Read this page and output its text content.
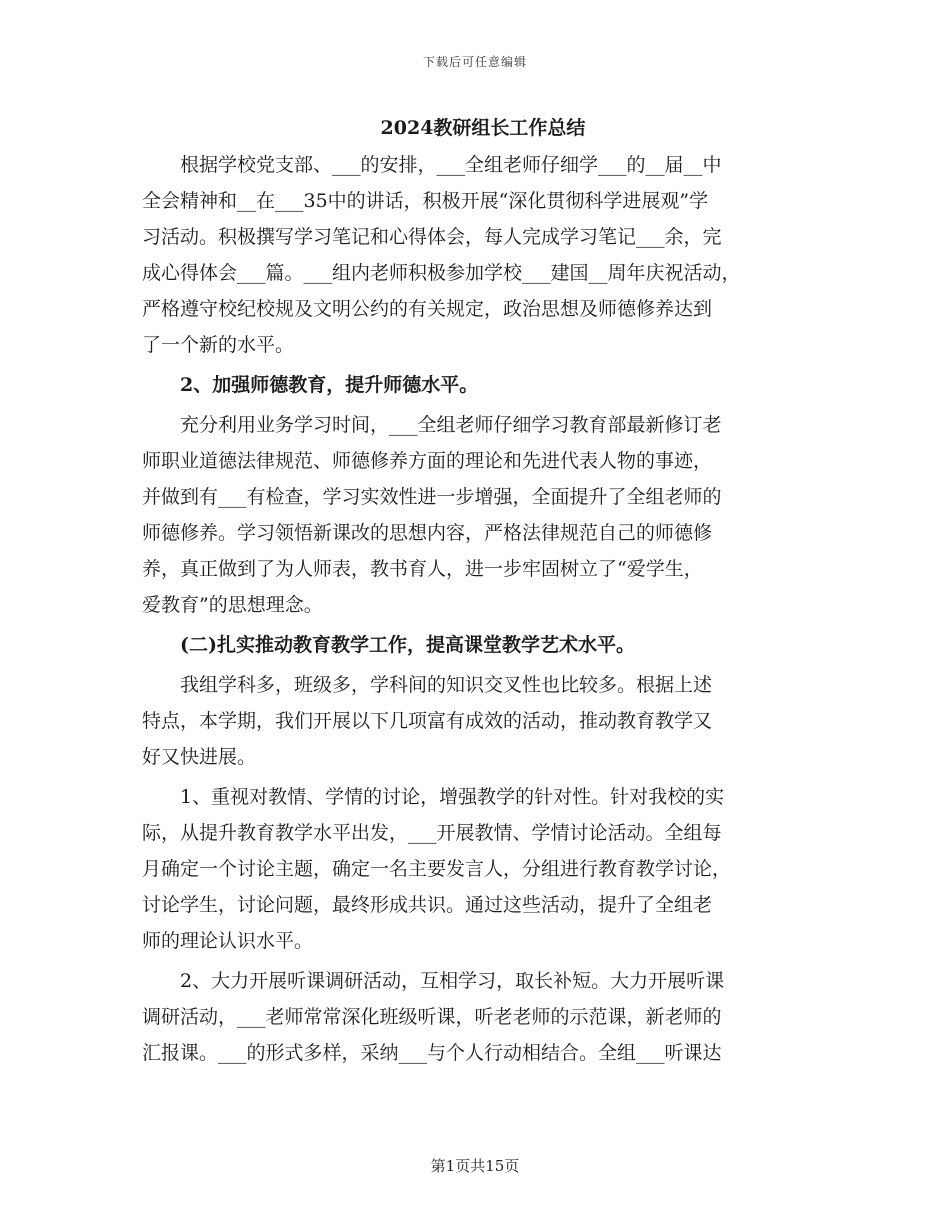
下载后可任意编辑
2024教研组长工作总结
根据学校党支部、___的安排，___全组老师仔细学___的__届__中
全会精神和__在___35中的讲话，积极开展“深化贯彻科学进展观”学
习活动。积极撰写学习笔记和心得体会，每人完成学习笔记___余，完
成心得体会___篇。___组内老师积极参加学校___建国__周年庆祝活动，
严格遵守校纪校规及文明公约的有关规定，政治思想及师德修养达到
了一个新的水平。
2、加强师德教育，提升师德水平。
充分利用业务学习时间，___全组老师仔细学习教育部最新修订老
师职业道德法律规范、师德修养方面的理论和先进代表人物的事迹，
并做到有___有检查，学习实效性进一步增强，全面提升了全组老师的
师德修养。学习领悟新课改的思想内容，严格法律规范自己的师德修
养，真正做到了为人师表，教书育人，进一步牢固树立了“爱学生，
爱教育”的思想理念。
(二)扎实推动教育教学工作，提高课堂教学艺术水平。
我组学科多，班级多，学科间的知识交叉性也比较多。根据上述
特点，本学期，我们开展以下几项富有成效的活动，推动教育教学又
好又快进展。
1、重视对教情、学情的讨论，增强教学的针对性。针对我校的实
际，从提升教育教学水平出发，___开展教情、学情讨论活动。全组每
月确定一个讨论主题，确定一名主要发言人，分组进行教育教学讨论，
讨论学生，讨论问题，最终形成共识。通过这些活动，提升了全组老
师的理论认识水平。
2、大力开展听课调研活动，互相学习，取长补短。大力开展听课
调研活动，___老师常常深化班级听课，听老老师的示范课，新老师的
汇报课。___的形式多样，采纳___与个人行动相结合。全组___听课达
第1页共15页
